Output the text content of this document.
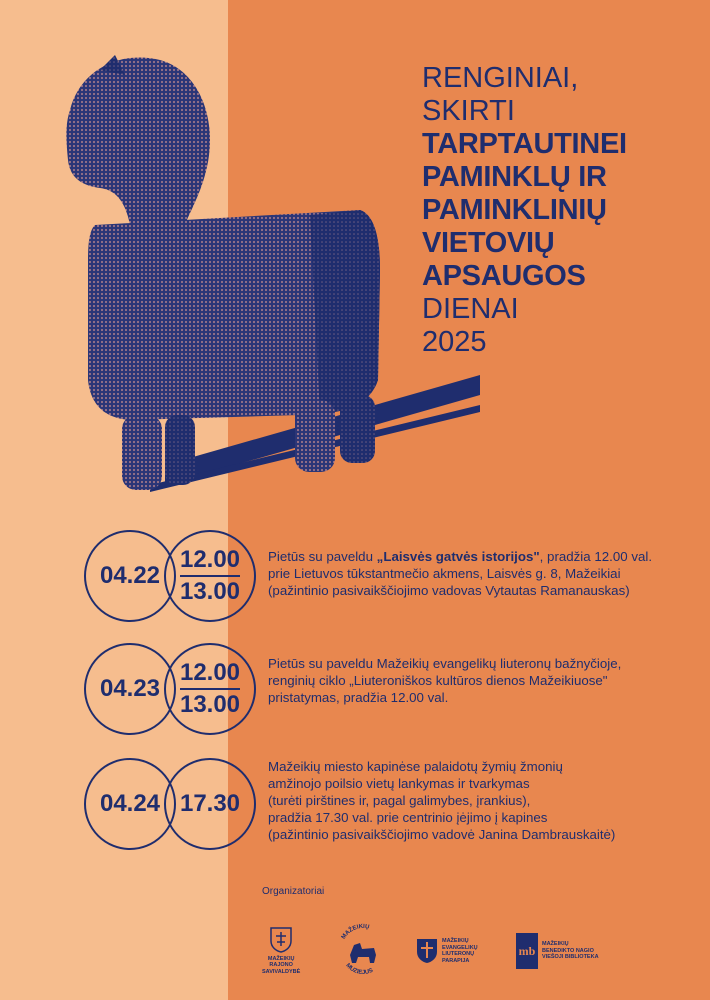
RENGINIAI,
SKIRTI
TARPTAUTINEI
PAMINKLŲ IR
PAMINKLINIŲ
VIETOVIŲ
APSAUGOS
DIENAI
2025
04.22
12.00
13.00
Pietūs su paveldu „Laisvės gatvės istorijos", pradžia 12.00 val.
prie Lietuvos tūkstantmečio akmens, Laisvės g. 8, Mažeikiai
(pažintinio pasivaikščiojimo vadovas Vytautas Ramanauskas)
04.23
12.00
13.00
Pietūs su paveldu Mažeikių evangelikų liuteronų bažnyčioje,
renginių ciklo „Liuteroniškos kultūros dienos Mažeikiuose"
pristatymas, pradžia 12.00 val.
04.24 17.30
Mažeikių miesto kapinėse palaidotų žymių žmonių
amžinojo poilsio vietų lankymas ir tvarkymas
(turėti pirštines ir, pagal galimybes, įrankius),
pradžia 17.30 val. prie centrinio įėjimo į kapines
(pažintinio pasivaikščiojimo vadovė Janina Dambrauskaitė)
Organizatoriai
MAŽEIKIŲ
RAJONO
SAVIVALDYBĖ
MAŽEIKIŲ
MUZIEJUS
MAŽEIKIŲ
EVANGELIKŲ
LIUTERONŲ
PARAPIJA
mb MAŽEIKIŲ
BENEDIKTO NAGIO
VIEŠOJI BIBLIOTEKA
